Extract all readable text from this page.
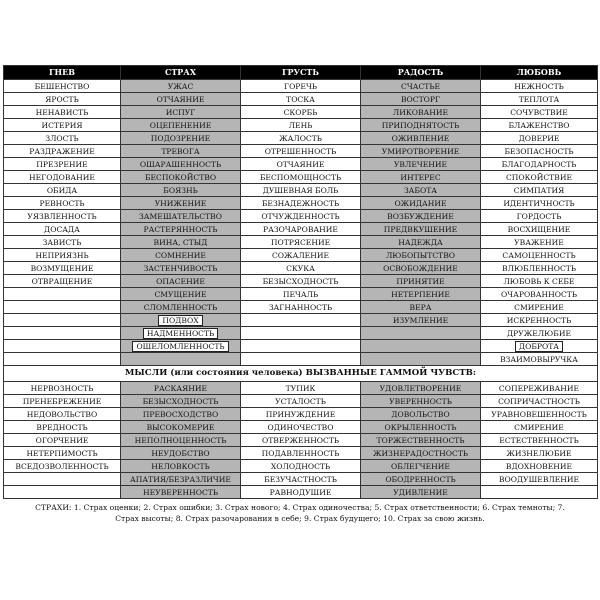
ГНЕВ	СТРАХ	ГРУСТЬ	РАДОСТЬ	ЛЮБОВЬ
БЕШЕНСТВО	УЖАС	ГОРЕЧЬ	СЧАСТЬЕ	НЕЖНОСТЬ
ЯРОСТЬ	ОТЧАЯНИЕ	ТОСКА	ВОСТОРГ	ТЕПЛОТА
НЕНАВИСТЬ	ИСПУГ	СКОРБЬ	ЛИКОВАНИЕ	СОЧУВСТВИЕ
ИСТЕРИЯ	ОЦЕПЕНЕНИЕ	ЛЕНЬ	ПРИПОДНЯТОСТЬ	БЛАЖЕНСТВО
ЗЛОСТЬ	ПОДОЗРЕНИЕ	ЖАЛОСТЬ	ОЖИВЛЕНИЕ	ДОВЕРИЕ
РАЗДРАЖЕНИЕ	ТРЕВОГА	ОТРЕШЕННОСТЬ	УМИРОТВОРЕНИЕ	БЕЗОПАСНОСТЬ
ПРЕЗРЕНИЕ	ОШАРАШЕННОСТЬ	ОТЧАЯНИЕ	УВЛЕЧЕНИЕ	БЛАГОДАРНОСТЬ
НЕГОДОВАНИЕ	БЕСПОКОЙСТВО	БЕСПОМОЩНОСТЬ	ИНТЕРЕС	СПОКОЙСТВИЕ
ОБИДА	БОЯЗНЬ	ДУШЕВНАЯ БОЛЬ	ЗАБОТА	СИМПАТИЯ
РЕВНОСТЬ	УНИЖЕНИЕ	БЕЗНАДЕЖНОСТЬ	ОЖИДАНИЕ	ИДЕНТИЧНОСТЬ
УЯЗВЛЕННОСТЬ	ЗАМЕШАТЕЛЬСТВО	ОТЧУЖДЕННОСТЬ	ВОЗБУЖДЕНИЕ	ГОРДОСТЬ
ДОСАДА	РАСТЕРЯННОСТЬ	РАЗОЧАРОВАНИЕ	ПРЕДВКУШЕНИЕ	ВОСХИЩЕНИЕ
ЗАВИСТЬ	ВИНА, СТЫД	ПОТРЯСЕНИЕ	НАДЕЖДА	УВАЖЕНИЕ
НЕПРИЯЗНЬ	СОМНЕНИЕ	СОЖАЛЕНИЕ	ЛЮБОПЫТСТВО	САМОЦЕННОСТЬ
ВОЗМУЩЕНИЕ	ЗАСТЕНЧИВОСТЬ	СКУКА	ОСВОБОЖДЕНИЕ	ВЛЮБЛЕННОСТЬ
ОТВРАЩЕНИЕ	ОПАСЕНИЕ	БЕЗЫСХОДНОСТЬ	ПРИНЯТИЕ	ЛЮБОВЬ К СЕБЕ
	СМУЩЕНИЕ	ПЕЧАЛЬ	НЕТЕРПЕНИЕ	ОЧАРОВАННОСТЬ
	СЛОМЛЕННОСТЬ	ЗАГНАННОСТЬ	ВЕРА	СМИРЕНИЕ
	ПОДВОХ		ИЗУМЛЕНИЕ	ИСКРЕННОСТЬ
	НАДМЕННОСТЬ			ДРУЖЕЛЮБИЕ
	ОШЕЛОМЛЕННОСТЬ			ДОБРОТА
				ВЗАИМОВЫРУЧКА
МЫСЛИ (или состояния человека) ВЫЗВАННЫЕ ГАММОЙ ЧУВСТВ:				
НЕРВОЗНОСТЬ	РАСКАЯНИЕ	ТУПИК	УДОВЛЕТВОРЕНИЕ	СОПЕРЕЖИВАНИЕ
ПРЕНЕБРЕЖЕНИЕ	БЕЗЫСХОДНОСТЬ	УСТАЛОСТЬ	УВЕРЕННОСТЬ	СОПРИЧАСТНОСТЬ
НЕДОВОЛЬСТВО	ПРЕВОСХОДСТВО	ПРИНУЖДЕНИЕ	ДОВОЛЬСТВО	УРАВНОВЕШЕННОСТЬ
ВРЕДНОСТЬ	ВЫСОКОМЕРИЕ	ОДИНОЧЕСТВО	ОКРЫЛЕННОСТЬ	СМИРЕНИЕ
ОГОРЧЕНИЕ	НЕПОЛНОЦЕННОСТЬ	ОТВЕРЖЕННОСТЬ	ТОРЖЕСТВЕННОСТЬ	ЕСТЕСТВЕННОСТЬ
НЕТЕРПИМОСТЬ	НЕУДОБСТВО	ПОДАВЛЕННОСТЬ	ЖИЗНЕРАДОСТНОСТЬ	ЖИЗНЕЛЮБИЕ
ВСЕДОЗВОЛЕННОСТЬ	НЕЛОВКОСТЬ	ХОЛОДНОСТЬ	ОБЛЕГЧЕНИЕ	ВДОХНОВЕНИЕ
	АПАТИЯ/БЕЗРАЗЛИЧИЕ	БЕЗУЧАСТНОСТЬ	ОБОДРЕННОСТЬ	ВООДУШЕВЛЕНИЕ
	НЕУВЕРЕННОСТЬ	РАВНОДУШИЕ	УДИВЛЕНИЕ	
СТРАХИ: 1. Страх оценки; 2. Страх ошибки; 3. Страх нового; 4. Страх одиночества; 5. Страх ответственности; 6. Страх темноты; 7.
Страх высоты; 8. Страх разочарования в себе; 9. Страх будущего; 10. Страх за свою жизнь.
